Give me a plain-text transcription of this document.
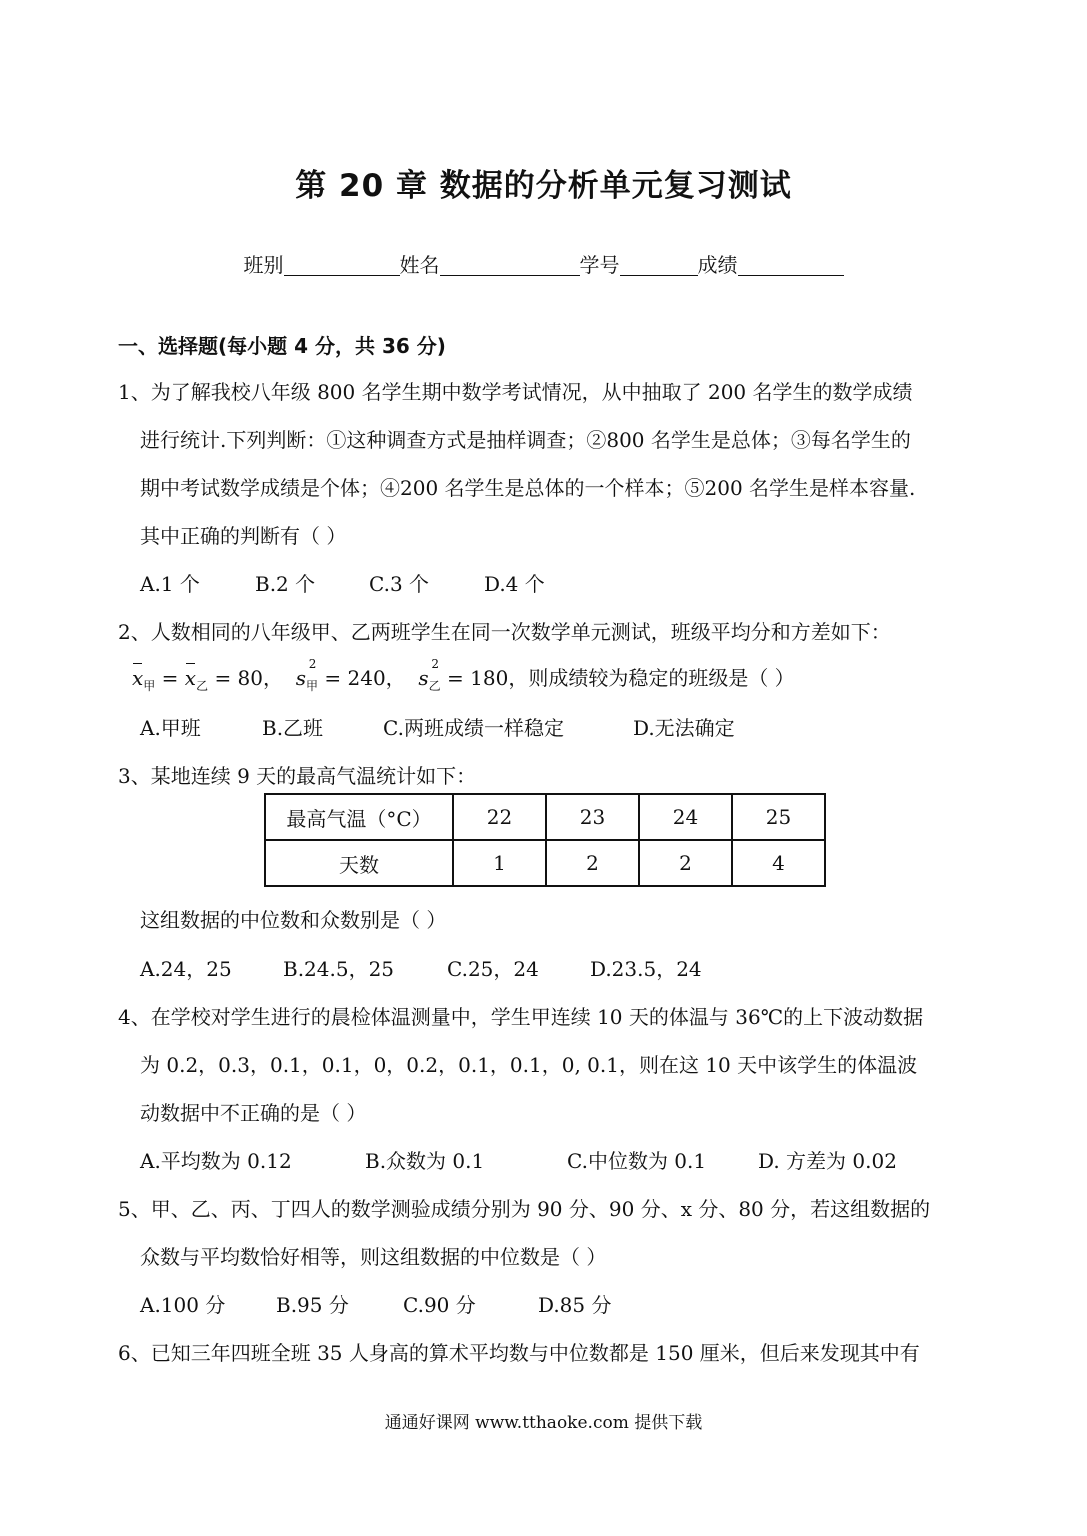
第 20 章 数据的分析单元复习测试
班别	姓名	学号	成绩
一、选择题(每小题 4 分，共 36 分)
1、为了解我校八年级 800 名学生期中数学考试情况，从中抽取了 200 名学生的数学成绩
进行统计.下列判断：①这种调查方式是抽样调查；②800 名学生是总体；③每名学生的
期中考试数学成绩是个体；④200 名学生是总体的一个样本；⑤200 名学生是样本容量.
其中正确的判断有（ ）
A.1 个	B.2 个	C.3 个	D.4 个
2、人数相同的八年级甲、乙两班学生在同一次数学单元测试，班级平均分和方差如下：
x甲 = x乙 = 80， s
2
甲 = 240， s
2
乙 = 180，则成绩较为稳定的班级是（ ）
A.甲班	B.乙班	C.两班成绩一样稳定	D.无法确定
3、某地连续 9 天的最高气温统计如下：
最高气温（°C）	22	23	24	25
天数	1	2	2	4
这组数据的中位数和众数别是（ ）
A.24，25	B.24.5，25	C.25，24	D.23.5，24
4、在学校对学生进行的晨检体温测量中，学生甲连续 10 天的体温与 36℃的上下波动数据
为 0.2，0.3，0.1，0.1，0，0.2，0.1，0.1，0, 0.1，则在这 10 天中该学生的体温波
动数据中不正确的是（ ）
A.平均数为 0.12	B.众数为 0.1	C.中位数为 0.1	D. 方差为 0.02
5、甲、乙、丙、丁四人的数学测验成绩分别为 90 分、90 分、x 分、80 分，若这组数据的
众数与平均数恰好相等，则这组数据的中位数是（ ）
A.100 分	B.95 分	C.90 分	D.85 分
6、已知三年四班全班 35 人身高的算术平均数与中位数都是 150 厘米，但后来发现其中有
通通好课网 www.tthaoke.com 提供下载
